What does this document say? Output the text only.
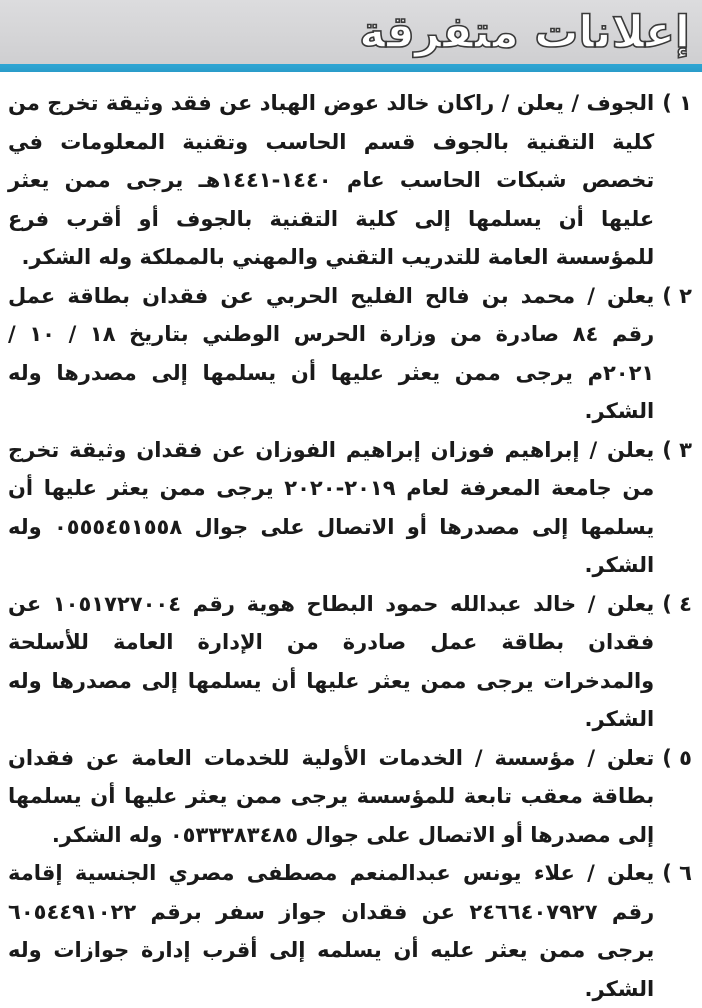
إعلانات متفرقة
١ )
الجوف / يعلن / راكان خالد عوض الهباد عن فقد وثيقة تخرج من كلية التقنية بالجوف قسم الحاسب وتقنية المعلومات في تخصص شبكات الحاسب عام ١٤٤٠-١٤٤١هـ يرجى ممن يعثر عليها أن يسلمها إلى كلية التقنية بالجوف أو أقرب فرع للمؤسسة العامة للتدريب التقني والمهني بالمملكة وله الشكر.
٢ )
يعلن / محمد بن فالح الفليح الحربي عن فقدان بطاقة عمل رقم ٨٤ صادرة من وزارة الحرس الوطني بتاريخ ١٨ / ١٠ / ٢٠٢١م يرجى ممن يعثر عليها أن يسلمها إلى مصدرها وله الشكر.
٣ )
يعلن / إبراهيم فوزان إبراهيم الفوزان عن فقدان وثيقة تخرج من جامعة المعرفة لعام ٢٠١٩-٢٠٢٠ يرجى ممن يعثر عليها أن يسلمها إلى مصدرها أو الاتصال على جوال ٠٥٥٥٤٥١٥٥٨ وله الشكر.
٤ )
يعلن / خالد عبدالله حمود البطاح هوية رقم ١٠٥١٧٢٧٠٠٤ عن فقدان بطاقة عمل صادرة من الإدارة العامة للأسلحة والمدخرات يرجى ممن يعثر عليها أن يسلمها إلى مصدرها وله الشكر.
٥ )
تعلن / مؤسسة / الخدمات الأولية للخدمات العامة عن فقدان بطاقة معقب تابعة للمؤسسة يرجى ممن يعثر عليها أن يسلمها إلى مصدرها أو الاتصال على جوال ٠٥٣٣٣٨٣٤٨٥ وله الشكر.
٦ )
يعلن / علاء يونس عبدالمنعم مصطفى مصري الجنسية إقامة رقم ٢٤٦٦٤٠٧٩٢٧ عن فقدان جواز سفر برقم ٦٠٥٤٤٩١٠٢٢ يرجى ممن يعثر عليه أن يسلمه إلى أقرب إدارة جوازات وله الشكر.
